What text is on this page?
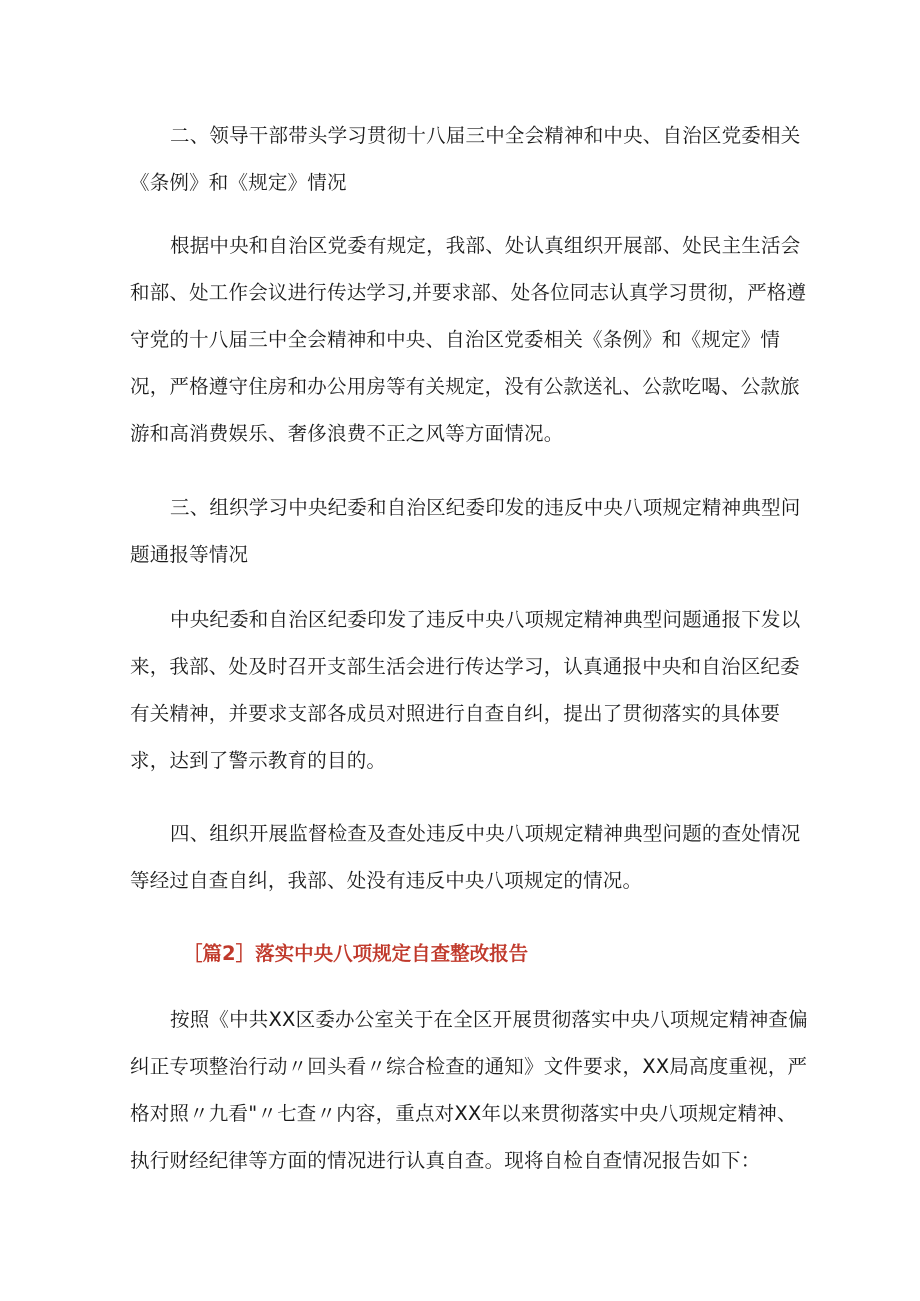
二、领导干部带头学习贯彻十八届三中全会精神和中央、自治区党委相关《条例》和《规定》情况

根据中央和自治区党委有规定，我部、处认真组织开展部、处民主生活会和部、处工作会议进行传达学习,并要求部、处各位同志认真学习贯彻，严格遵守党的十八届三中全会精神和中央、自治区党委相关《条例》和《规定》情况，严格遵守住房和办公用房等有关规定，没有公款送礼、公款吃喝、公款旅游和高消费娱乐、奢侈浪费不正之风等方面情况。

三、组织学习中央纪委和自治区纪委印发的违反中央八项规定精神典型问题通报等情况

中央纪委和自治区纪委印发了违反中央八项规定精神典型问题通报下发以来，我部、处及时召开支部生活会进行传达学习，认真通报中央和自治区纪委有关精神，并要求支部各成员对照进行自查自纠，提出了贯彻落实的具体要求，达到了警示教育的目的。

四、组织开展监督检查及查处违反中央八项规定精神典型问题的查处情况等经过自查自纠，我部、处没有违反中央八项规定的情况。

［篇2］落实中央八项规定自查整改报告

按照《中共XX区委办公室关于在全区开展贯彻落实中央八项规定精神查偏纠正专项整治行动〃回头看〃综合检查的通知》文件要求，XX局高度重视，严格对照〃九看"〃七查〃内容，重点对XX年以来贯彻落实中央八项规定精神、执行财经纪律等方面的情况进行认真自查。现将自检自查情况报告如下：
